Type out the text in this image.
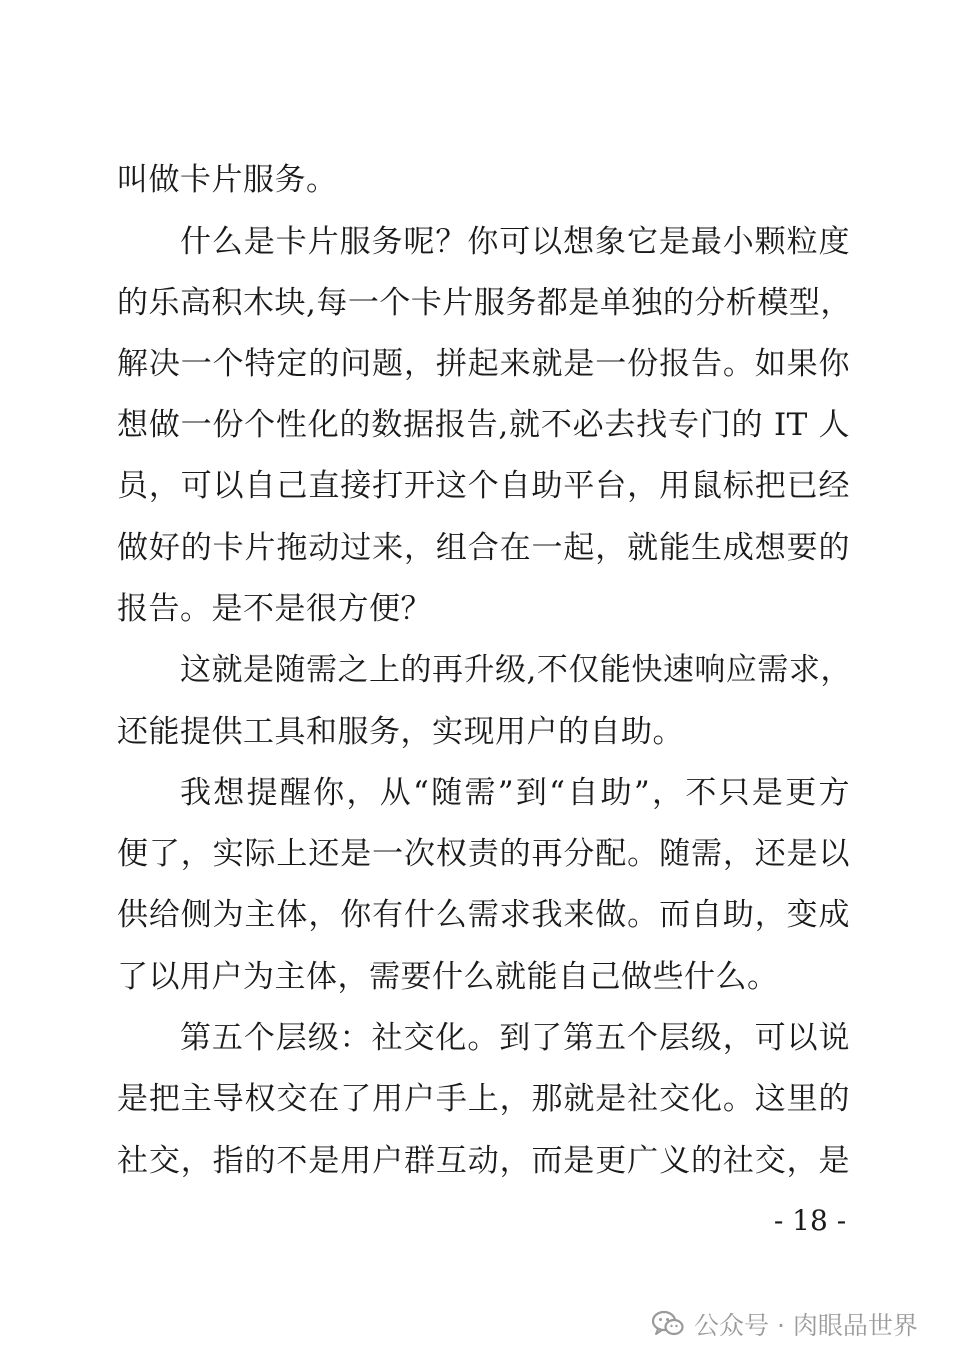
叫做卡片服务。
什么是卡片服务呢？你可以想象它是最小颗粒度
的乐高积木块,每一个卡片服务都是单独的分析模型，
解决一个特定的问题，拼起来就是一份报告。如果你
想做一份个性化的数据报告,就不必去找专门的 IT 人
员，可以自己直接打开这个自助平台，用鼠标把已经
做好的卡片拖动过来，组合在一起，就能生成想要的
报告。是不是很方便？
这就是随需之上的再升级,不仅能快速响应需求，
还能提供工具和服务，实现用户的自助。
我想提醒你，从“随需”到“自助”，不只是更方
便了，实际上还是一次权责的再分配。随需，还是以
供给侧为主体，你有什么需求我来做。而自助，变成
了以用户为主体，需要什么就能自己做些什么。
第五个层级：社交化。到了第五个层级，可以说
是把主导权交在了用户手上，那就是社交化。这里的
社交，指的不是用户群互动，而是更广义的社交，是
- 18 -
公众号 · 肉眼品世界
